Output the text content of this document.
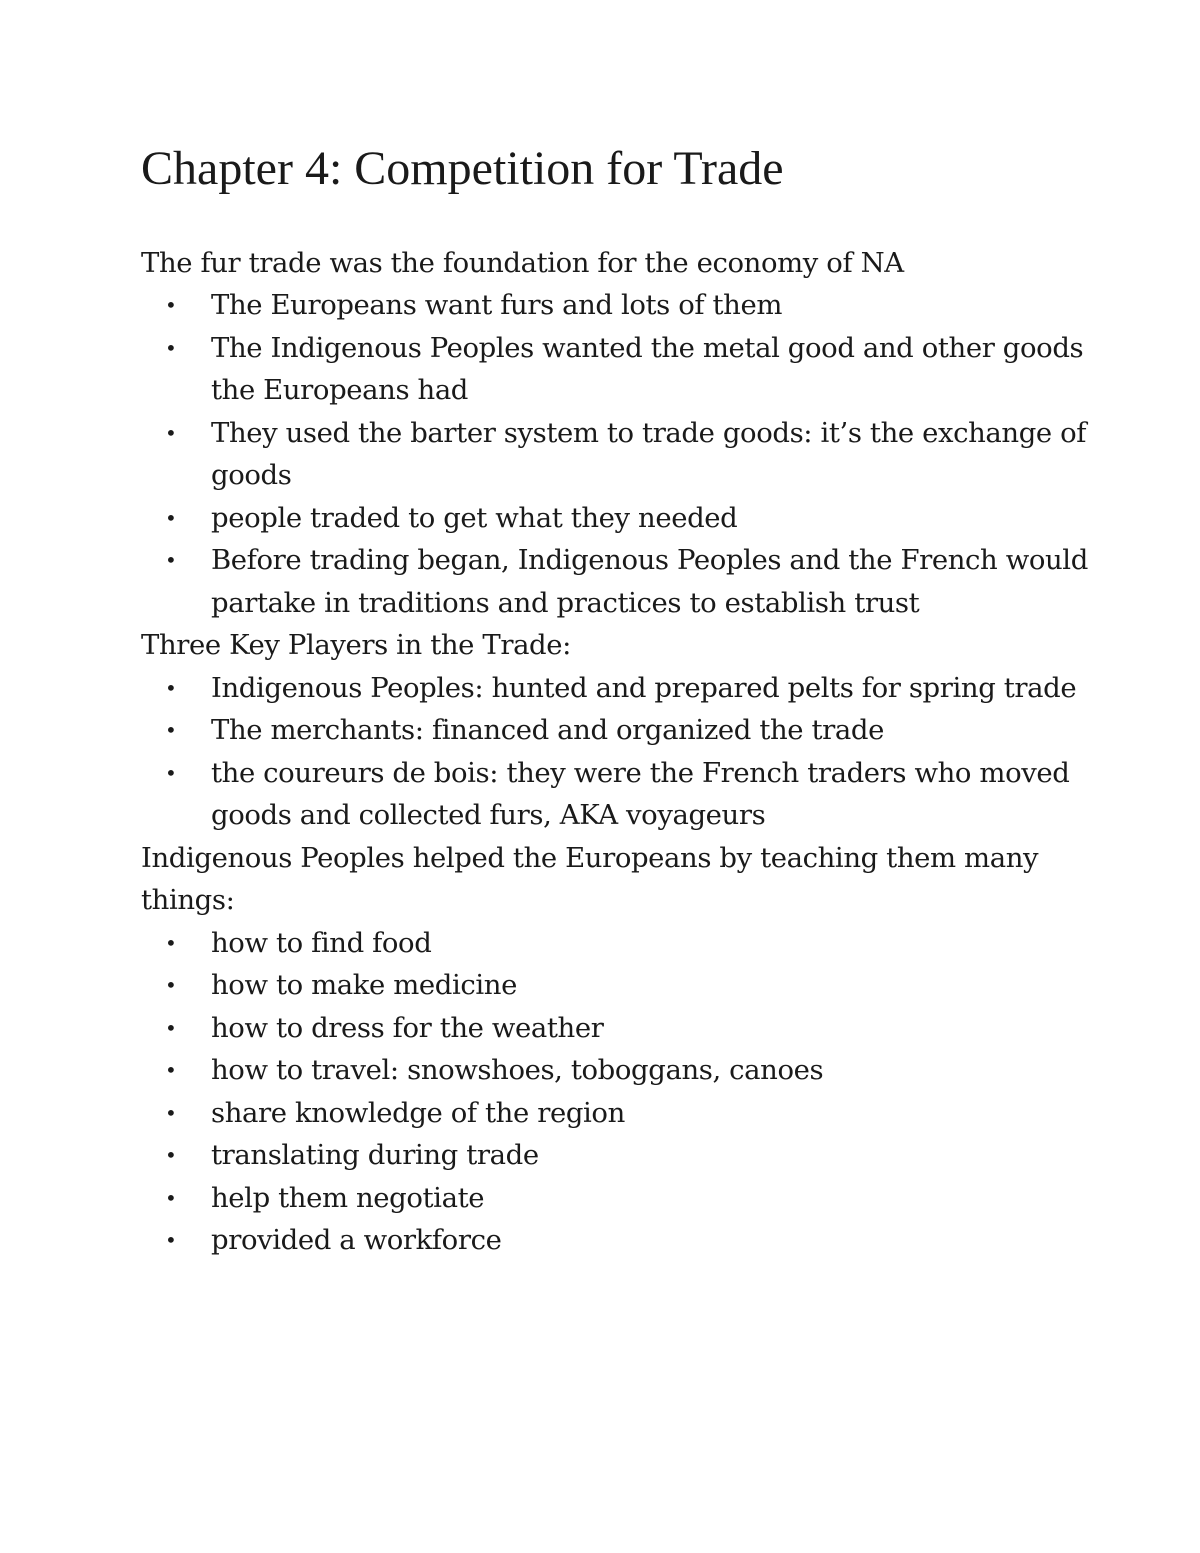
Chapter 4: Competition for Trade

The fur trade was the foundation for the economy of NA

• The Europeans want furs and lots of them
• The Indigenous Peoples wanted the metal good and other goods the Europeans had
• They used the barter system to trade goods: it’s the exchange of goods
• people traded to get what they needed
• Before trading began, Indigenous Peoples and the French would partake in traditions and practices to establish trust

Three Key Players in the Trade:

• Indigenous Peoples: hunted and prepared pelts for spring trade
• The merchants: financed and organized the trade
• the coureurs de bois: they were the French traders who moved goods and collected furs, AKA voyageurs

Indigenous Peoples helped the Europeans by teaching them many things:

• how to find food
• how to make medicine
• how to dress for the weather
• how to travel: snowshoes, toboggans, canoes
• share knowledge of the region
• translating during trade
• help them negotiate
• provided a workforce
